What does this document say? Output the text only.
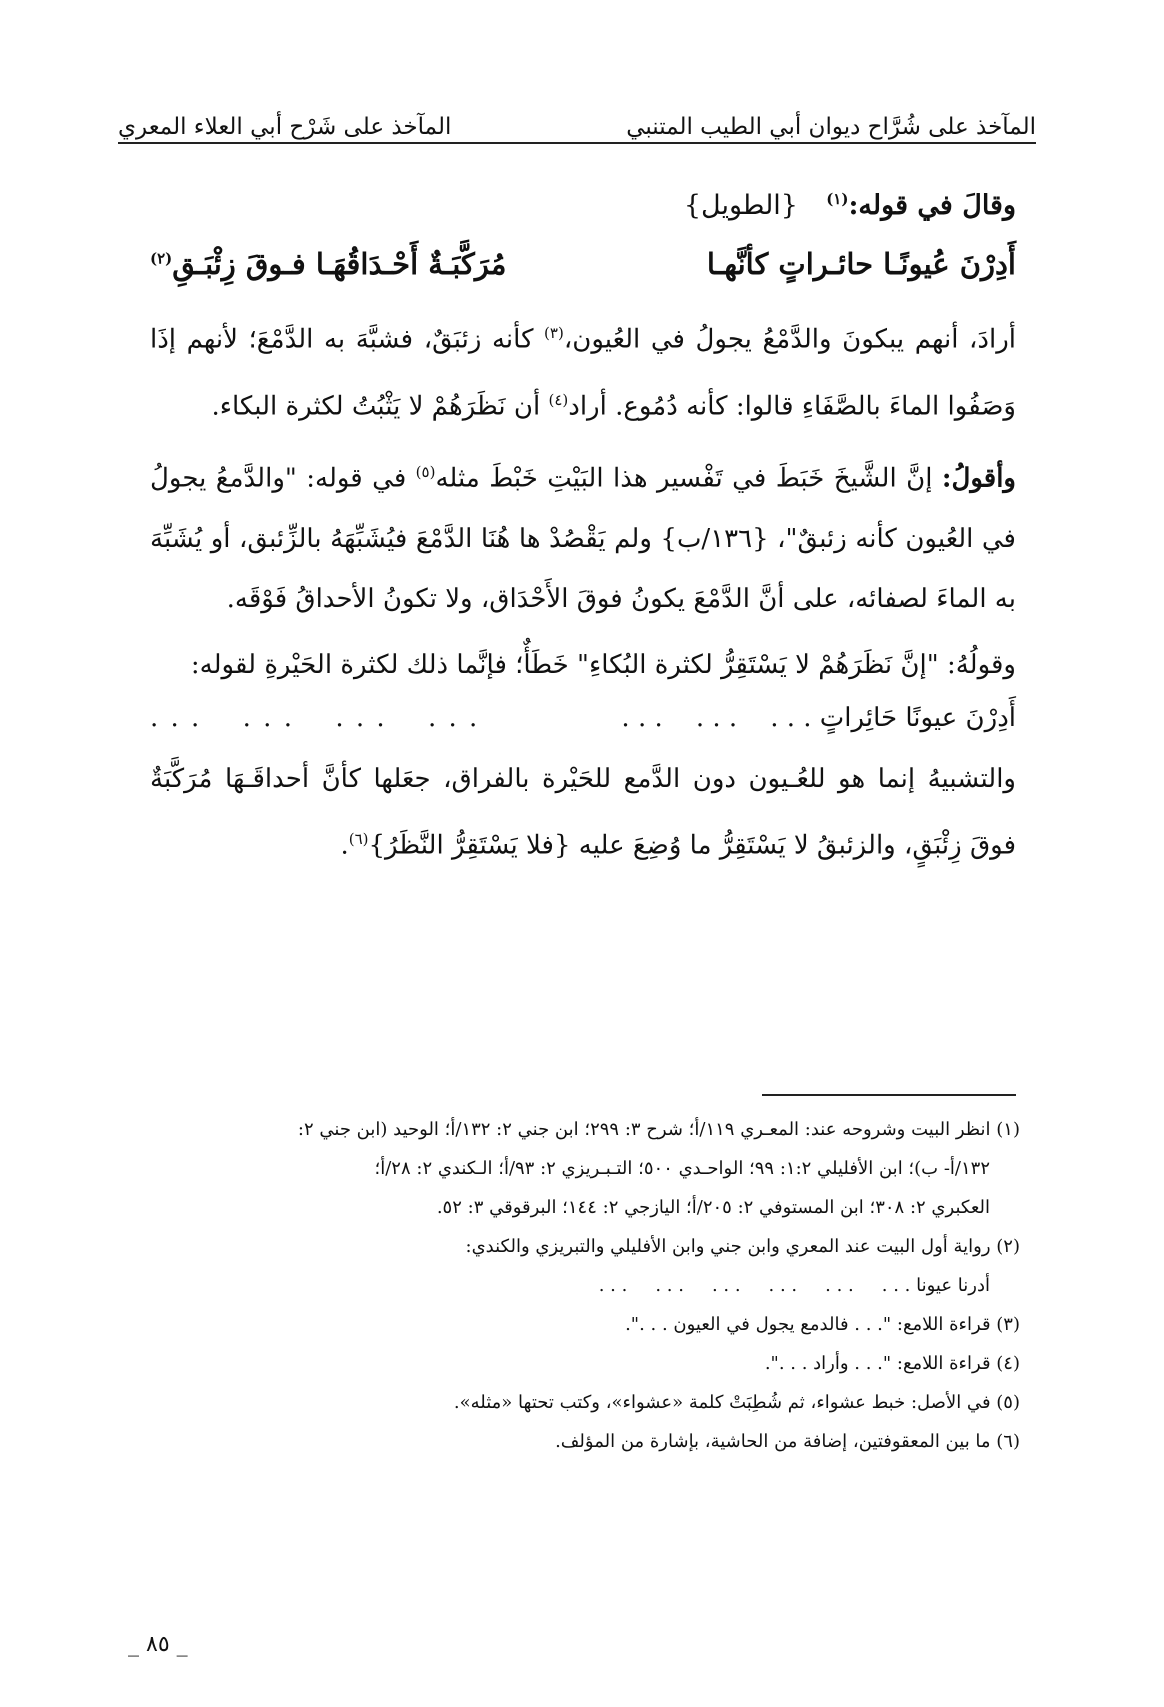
المآخذ على شُرَّاح ديوان أبي الطيب المتنبي
المآخذ على شَرْح أبي العلاء المعري
وقالَ في قوله:$^{(١)}$   {الطويل}
أَدِرْنَ عُيونًـا حائـراتٍ كأنَّهـا
مُرَكَّبَـةٌ أَحْـدَاقُهَـا فـوقَ زِئْبَـقِ$^{(٢)}$

أرادَ، أنهم يبكونَ والدَّمْعُ يجولُ في العُيون،$^{(٣)}$ كأنه زئبَقٌ، فشبَّهَ به الدَّمْعَ؛ لأنهم إذَا وَصَفُوا الماءَ بالصَّفَاءِ قالوا: كأنه دُمُوع. أراد$^{(٤)}$ أن نَظَرَهُمْ لا يَثْبُتُ لكثرة البكاء.

وأقولُ: إنَّ الشَّيخَ خَبَطَ في تَفْسير هذا البَيْتِ خَبْطَ مثله$^{(٥)}$ في قوله: "والدَّمعُ يجولُ في العُيون كأنه زئبقٌ"، {١٣٦/ب} ولم يَقْصُدْ ها هُنَا الدَّمْعَ فيُشَبِّهَهُ بالزِّئبق، أو يُشَبِّهَ به الماءَ لصفائه، على أنَّ الدَّمْعَ يكونُ فوقَ الأَحْدَاق، ولا تكونُ الأحداقُ فَوْقَه.

وقولُهُ: "إنَّ نَظَرَهُمْ لا يَسْتَقِرُّ لكثرة البُكاءِ" خَطَأٌ؛ فإنَّما ذلك لكثرة الحَيْرةِ لقوله:

أَدِرْنَ عيونًا حَائِراتٍ . . .    . . .    . . .
. . .     . . .     . . .     . . .

والتشبيهُ إنما هو للعُـيون دون الدَّمع للحَيْرة بالفراق، جعَلها كأنَّ أحداقَـهَا مُرَكَّبَةٌ فوقَ زِئْبَقٍ، والزئبقُ لا يَسْتَقِرُّ ما وُضِعَ عليه {فلا يَسْتَقِرُّ النَّظَرُ}$^{(٦)}$.

(١) انظر البيت وشروحه عند: المعـري ١١٩/أ؛ شرح ٣: ٢٩٩؛ ابن جني ٢: ١٣٢/أ؛ الوحيد (ابن جني ٢:

١٣٢/أ- ب)؛ ابن الأفليلي ١:٢: ٩٩؛ الواحـدي ٥٠٠؛ التـبـريزي ٢: ٩٣/أ؛ الـكندي ٢: ٢٨/أ؛

العكبري ٢: ٣٠٨؛ ابن المستوفي ٢: ٢٠٥/أ؛ اليازجي ٢: ١٤٤؛ البرقوقي ٣: ٥٢.

(٢) رواية أول البيت عند المعري وابن جني وابن الأفليلي والتبريزي والكندي:

أدرنا عيونا . . .
. . .
. . .
. . .
. . .
. . .

(٣) قراءة اللامع: ". . . فالدمع يجول في العيون . . .".

(٤) قراءة اللامع: ". . . وأراد . . .".

(٥) في الأصل: خبط عشواء، ثم شُطِبَتْ كلمة «عشواء»، وكتب تحتها «مثله».

(٦) ما بين المعقوفتين، إضافة من الحاشية، بإشارة من المؤلف.

_ ٨٥ _
